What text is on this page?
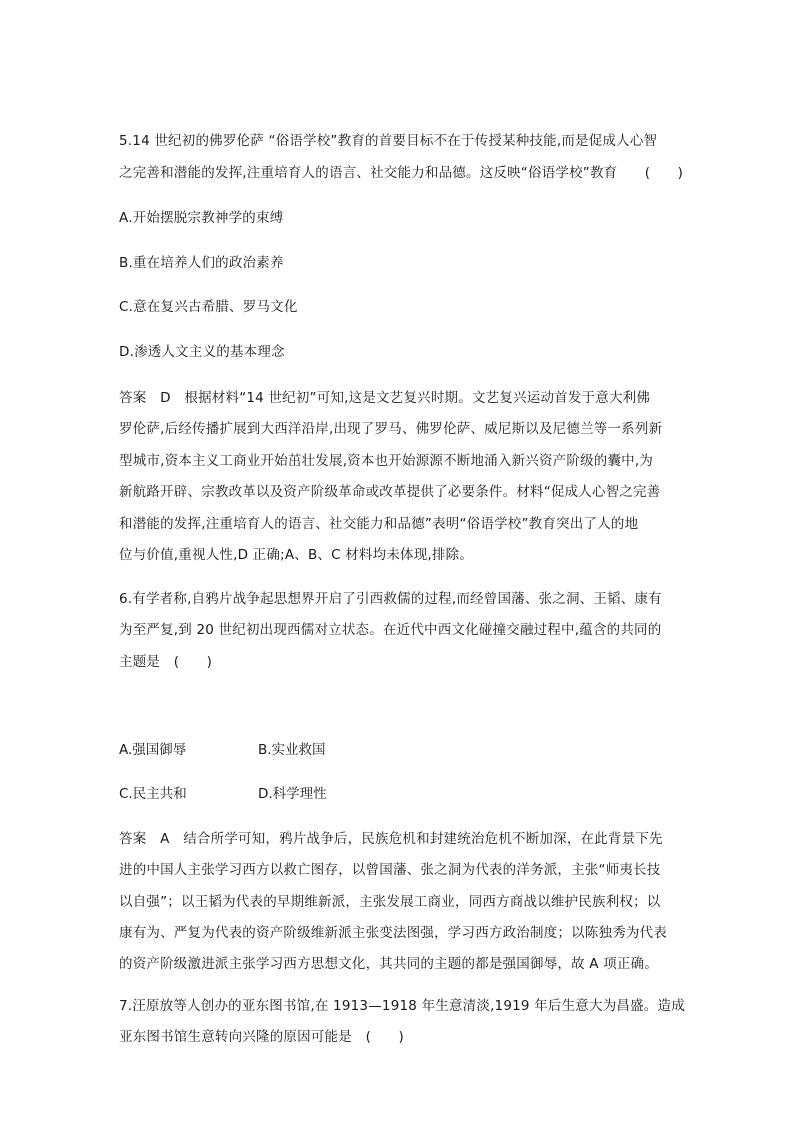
5.14 世纪初的佛罗伦萨 “俗语学校”教育的首要目标不在于传授某种技能,而是促成人心智
之完善和潜能的发挥,注重培育人的语言、社交能力和品德。这反映“俗语学校”教育　　(　　)
A.开始摆脱宗教神学的束缚
B.重在培养人们的政治素养
C.意在复兴古希腊、罗马文化
D.渗透人文主义的基本理念
答案　D　根据材料“14 世纪初”可知,这是文艺复兴时期。文艺复兴运动首发于意大利佛
罗伦萨,后经传播扩展到大西洋沿岸,出现了罗马、佛罗伦萨、威尼斯以及尼德兰等一系列新
型城市,资本主义工商业开始茁壮发展,资本也开始源源不断地涌入新兴资产阶级的囊中,为
新航路开辟、宗教改革以及资产阶级革命或改革提供了必要条件。材料“促成人心智之完善
和潜能的发挥,注重培育人的语言、社交能力和品德”表明“俗语学校”教育突出了人的地
位与价值,重视人性,D 正确;A、B、C 材料均未体现,排除。
6.有学者称,自鸦片战争起思想界开启了引西救儒的过程,而经曾国藩、张之洞、王韬、康有
为至严复,到 20 世纪初出现西儒对立状态。在近代中西文化碰撞交融过程中,蕴含的共同的
主题是　(　　)
A.强国御辱	B.实业救国
C.民主共和	D.科学理性
答案　A　结合所学可知，鸦片战争后，民族危机和封建统治危机不断加深，在此背景下先
进的中国人主张学习西方以救亡图存，以曾国藩、张之洞为代表的洋务派，主张“师夷长技
以自强”；以王韬为代表的早期维新派，主张发展工商业，同西方商战以维护民族利权；以
康有为、严复为代表的资产阶级维新派主张变法图强，学习西方政治制度；以陈独秀为代表
的资产阶级激进派主张学习西方思想文化，其共同的主题的都是强国御辱，故 A 项正确。
7.汪原放等人创办的亚东图书馆,在 1913—1918 年生意清淡,1919 年后生意大为昌盛。造成
亚东图书馆生意转向兴隆的原因可能是　(　　)
